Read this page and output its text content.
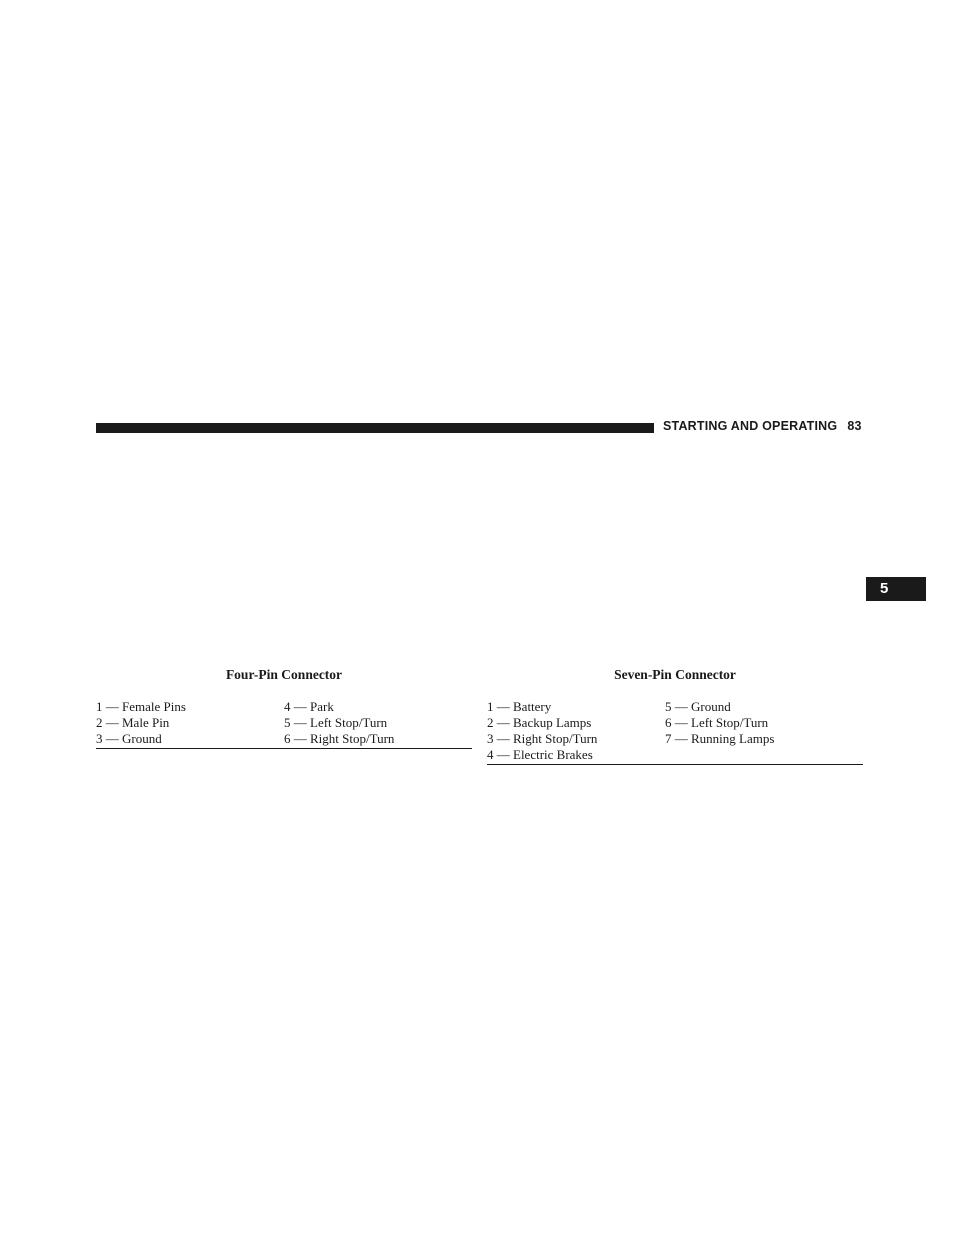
STARTING AND OPERATING 83
5
Four-Pin Connector
1 — Female Pins
2 — Male Pin
3 — Ground
4 — Park
5 — Left Stop/Turn
6 — Right Stop/Turn
Seven-Pin Connector
1 — Battery
2 — Backup Lamps
3 — Right Stop/Turn
4 — Electric Brakes
5 — Ground
6 — Left Stop/Turn
7 — Running Lamps
